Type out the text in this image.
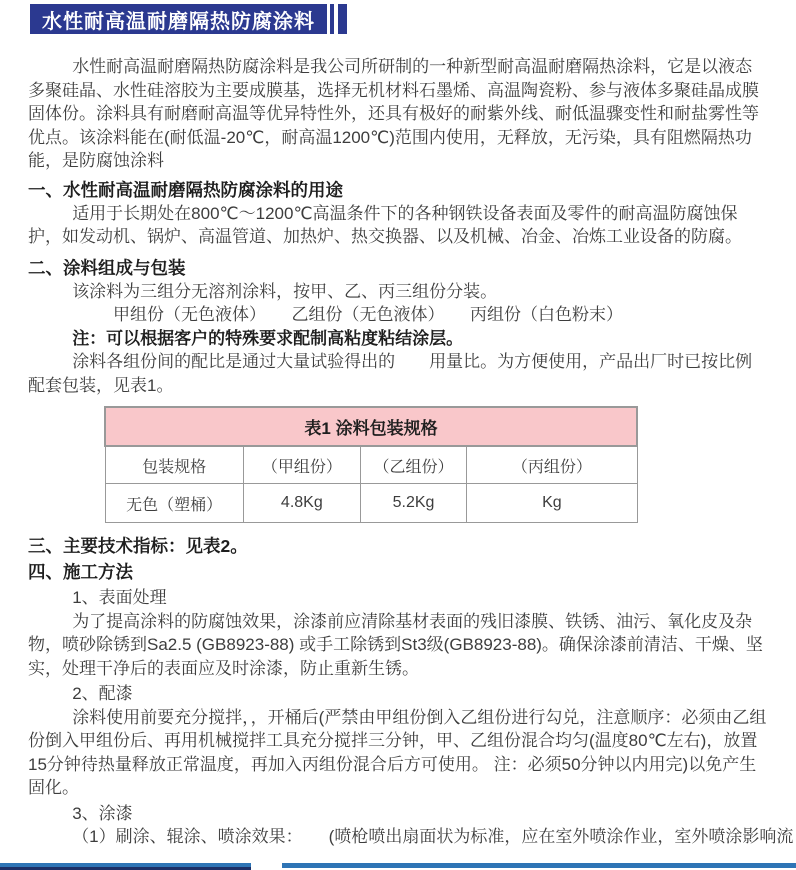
水性耐高温耐磨隔热防腐涂料

水性耐高温耐磨隔热防腐涂料是我公司所研制的一种新型耐高温耐磨隔热涂料，它是以液态多聚硅晶、水性硅溶胶为主要成膜基，选择无机材料石墨烯、高温陶瓷粉、参与液体多聚硅晶成膜固体份。涂料具有耐磨耐高温等优异特性外，还具有极好的耐紫外线、耐低温骤变性和耐盐雾性等优点。该涂料能在(耐低温-20℃，耐高温1200℃)范围内使用，无释放，无污染，具有阻燃隔热功能，是防腐蚀涂料

一、水性耐高温耐磨隔热防腐涂料的用途

适用于长期处在800℃～1200℃高温条件下的各种钢铁设备表面及零件的耐高温防腐蚀保护，如发动机、锅炉、高温管道、加热炉、热交换器、以及机械、冶金、冶炼工业设备的防腐。

二、涂料组成与包装

该涂料为三组分无溶剂涂料，按甲、乙、丙三组份分装。

甲组份（无色液体）　　乙组份（无色液体）　　丙组份（白色粉末）

注：可以根据客户的特殊要求配制高粘度粘结涂层。

涂料各组份间的配比是通过大量试验得出的　　用量比。为方便使用，产品出厂时已按比例配套包装，见表1。

表1 涂料包装规格			
包装规格	（甲组份）	（乙组份）	（丙组份）
无色（塑桶）	4.8Kg	5.2Kg	Kg
三、主要技术指标：见表2。
四、施工方法

1、表面处理

为了提高涂料的防腐蚀效果，涂漆前应清除基材表面的残旧漆膜、铁锈、油污、氧化皮及杂物，喷砂除锈到Sa2.5 (GB8923-88) 或手工除锈到St3级(GB8923-88)。确保涂漆前清洁、干燥、坚实，处理干净后的表面应及时涂漆，防止重新生锈。

2、配漆

涂料使用前要充分搅拌，，开桶后(严禁由甲组份倒入乙组份进行勾兑，注意顺序：必须由乙组份倒入甲组份后、再用机械搅拌工具充分搅拌三分钟，甲、乙组份混合均匀(温度80℃左右)，放置15分钟待热量释放正常温度，再加入丙组份混合后方可使用。 注：必须50分钟以内用完)以免产生固化。

3、涂漆

（1）刷涂、辊涂、喷涂效果： (喷枪喷出扇面状为标准，应在室外喷涂作业，室外喷涂影响流
